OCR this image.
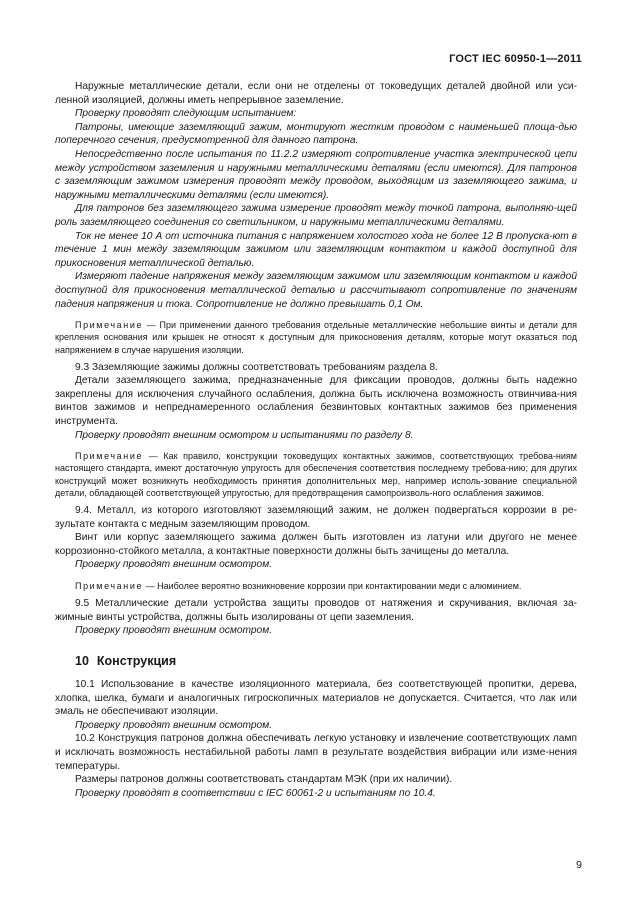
ГОСТ IEC 60950-1—2011

Наружные металлические детали, если они не отделены от токоведущих деталей двойной или уси-ленной изоляцией, должны иметь непрерывное заземление.

Проверку проводят следующим испытанием:

Патроны, имеющие заземляющий зажим, монтируют жестким проводом с наименьшей площа-дью поперечного сечения, предусмотренной для данного патрона.

Непосредственно после испытания по 11.2.2 измеряют сопротивление участка электрической цепи между устройством заземления и наружными металлическими деталями (если имеются). Для патронов с заземляющим зажимом измерения проводят между проводом, выходящим из заземляющего зажима, и наружными металлическими деталями (если имеются).

Для патронов без заземляющего зажима измерение проводят между точкой патрона, выполняю-щей роль заземляющего соединения со светильником, и наружными металлическими деталями.

Ток не менее 10 А от источника питания с напряжением холостого хода не более 12 В пропуска-ют в течение 1 мин между заземляющим зажимом или заземляющим контактом и каждой доступной для прикосновения металлической деталью.

Измеряют падение напряжения между заземляющим зажимом или заземляющим контактом и каждой доступной для прикосновения металлической деталью и рассчитывают сопротивление по значениям падения напряжения и тока. Сопротивление не должно превышать 0,1 Ом.

Примечание — При применении данного требования отдельные металлические небольшие винты и детали для крепления основания или крышек не относят к доступным для прикосновения деталям, которые могут оказаться под напряжением в случае нарушения изоляции.

9.3 Заземляющие зажимы должны соответствовать требованиям раздела 8.

Детали заземляющего зажима, предназначенные для фиксации проводов, должны быть надежно закреплены для исключения случайного ослабления, должна быть исключена возможность отвинчива-ния винтов зажимов и непреднамеренного ослабления безвинтовых контактных зажимов без применения инструмента.

Проверку проводят внешним осмотром и испытаниями по разделу 8.

Примечание — Как правило, конструкции токоведущих контактных зажимов, соответствующих требова-ниям настоящего стандарта, имеют достаточную упругость для обеспечения соответствия последнему требова-нию; для других конструкций может возникнуть необходимость принятия дополнительных мер, например исполь-зование специальной детали, обладающей соответствующей упругостью, для предотвращения самопроизволь-ного ослабления зажимов.

9.4. Металл, из которого изготовляют заземляющий зажим, не должен подвергаться коррозии в ре-зультате контакта с медным заземляющим проводом.

Винт или корпус заземляющего зажима должен быть изготовлен из латуни или другого не менее коррозионно-стойкого металла, а контактные поверхности должны быть зачищены до металла.

Проверку проводят внешним осмотром.

Примечание — Наиболее вероятно возникновение коррозии при контактировании меди с алюминием.

9.5 Металлические детали устройства защиты проводов от натяжения и скручивания, включая за-жимные винты устройства, должны быть изолированы от цепи заземления.

Проверку проводят внешним осмотром.

10 Конструкция

10.1 Использование в качестве изоляционного материала, без соответствующей пропитки, дерева, хлопка, шелка, бумаги и аналогичных гигроскопичных материалов не допускается. Считается, что лак или эмаль не обеспечивают изоляции.

Проверку проводят внешним осмотром.

10.2 Конструкция патронов должна обеспечивать легкую установку и извлечение соответствующих ламп и исключать возможность нестабильной работы ламп в результате воздействия вибрации или изме-нения температуры.

Размеры патронов должны соответствовать стандартам МЭК (при их наличии).

Проверку проводят в соответствии с IEC 60061-2 и испытаниям по 10.4.

9
